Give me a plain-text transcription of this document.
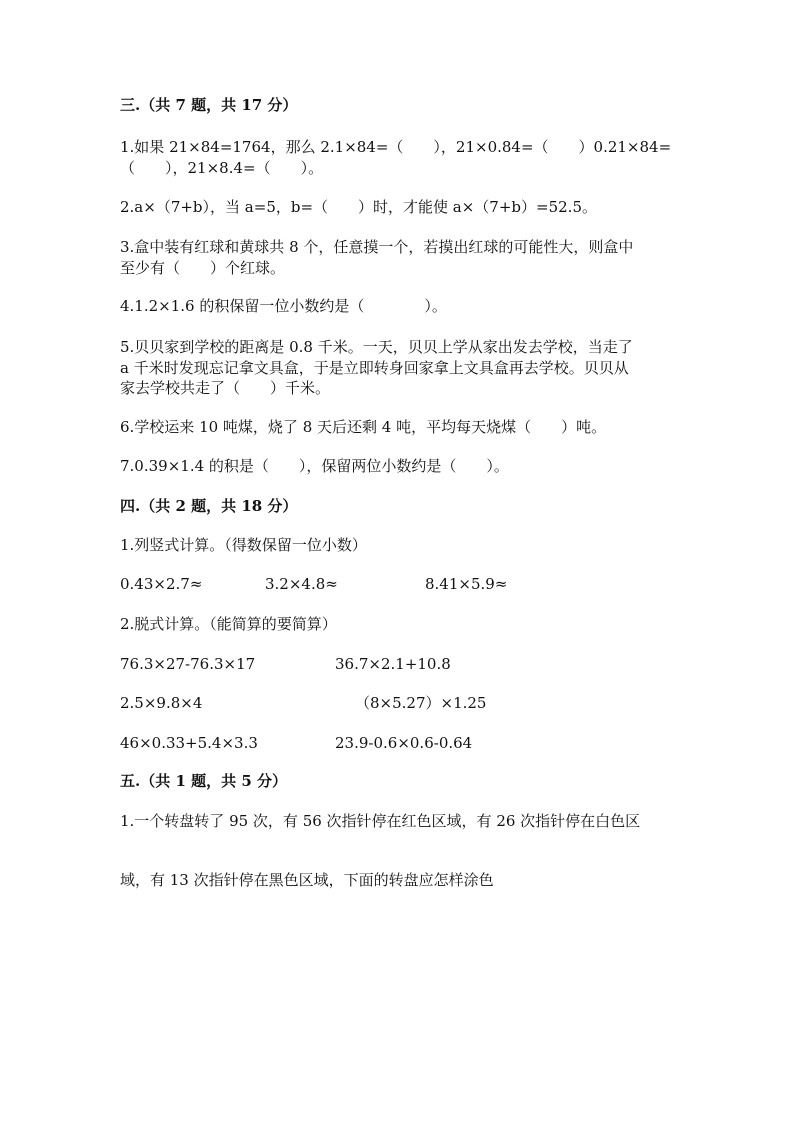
三.（共 7 题，共 17 分）
1.如果 21×84=1764，那么 2.1×84=（　　），21×0.84=（　　）0.21×84=
（　　），21×8.4=（　　）。
2.a×（7+b），当 a=5，b=（　　）时，才能使 a×（7+b）=52.5。
3.盒中装有红球和黄球共 8 个，任意摸一个，若摸出红球的可能性大，则盒中
至少有（　　）个红球。
4.1.2×1.6 的积保留一位小数约是（　　　　）。
5.贝贝家到学校的距离是 0.8 千米。一天，贝贝上学从家出发去学校，当走了
a 千米时发现忘记拿文具盒，于是立即转身回家拿上文具盒再去学校。贝贝从
家去学校共走了（　　）千米。
6.学校运来 10 吨煤，烧了 8 天后还剩 4 吨，平均每天烧煤（　　）吨。
7.0.39×1.4 的积是（　　），保留两位小数约是（　　）。
四.（共 2 题，共 18 分）
1.列竖式计算。（得数保留一位小数）
0.43×2.7≈	3.2×4.8≈	8.41×5.9≈
2.脱式计算。（能简算的要简算）
76.3×27-76.3×17	36.7×2.1+10.8
2.5×9.8×4	（8×5.27）×1.25
46×0.33+5.4×3.3	23.9-0.6×0.6-0.64
五.（共 1 题，共 5 分）
1.一个转盘转了 95 次，有 56 次指针停在红色区域，有 26 次指针停在白色区
域，有 13 次指针停在黑色区域，下面的转盘应怎样涂色
